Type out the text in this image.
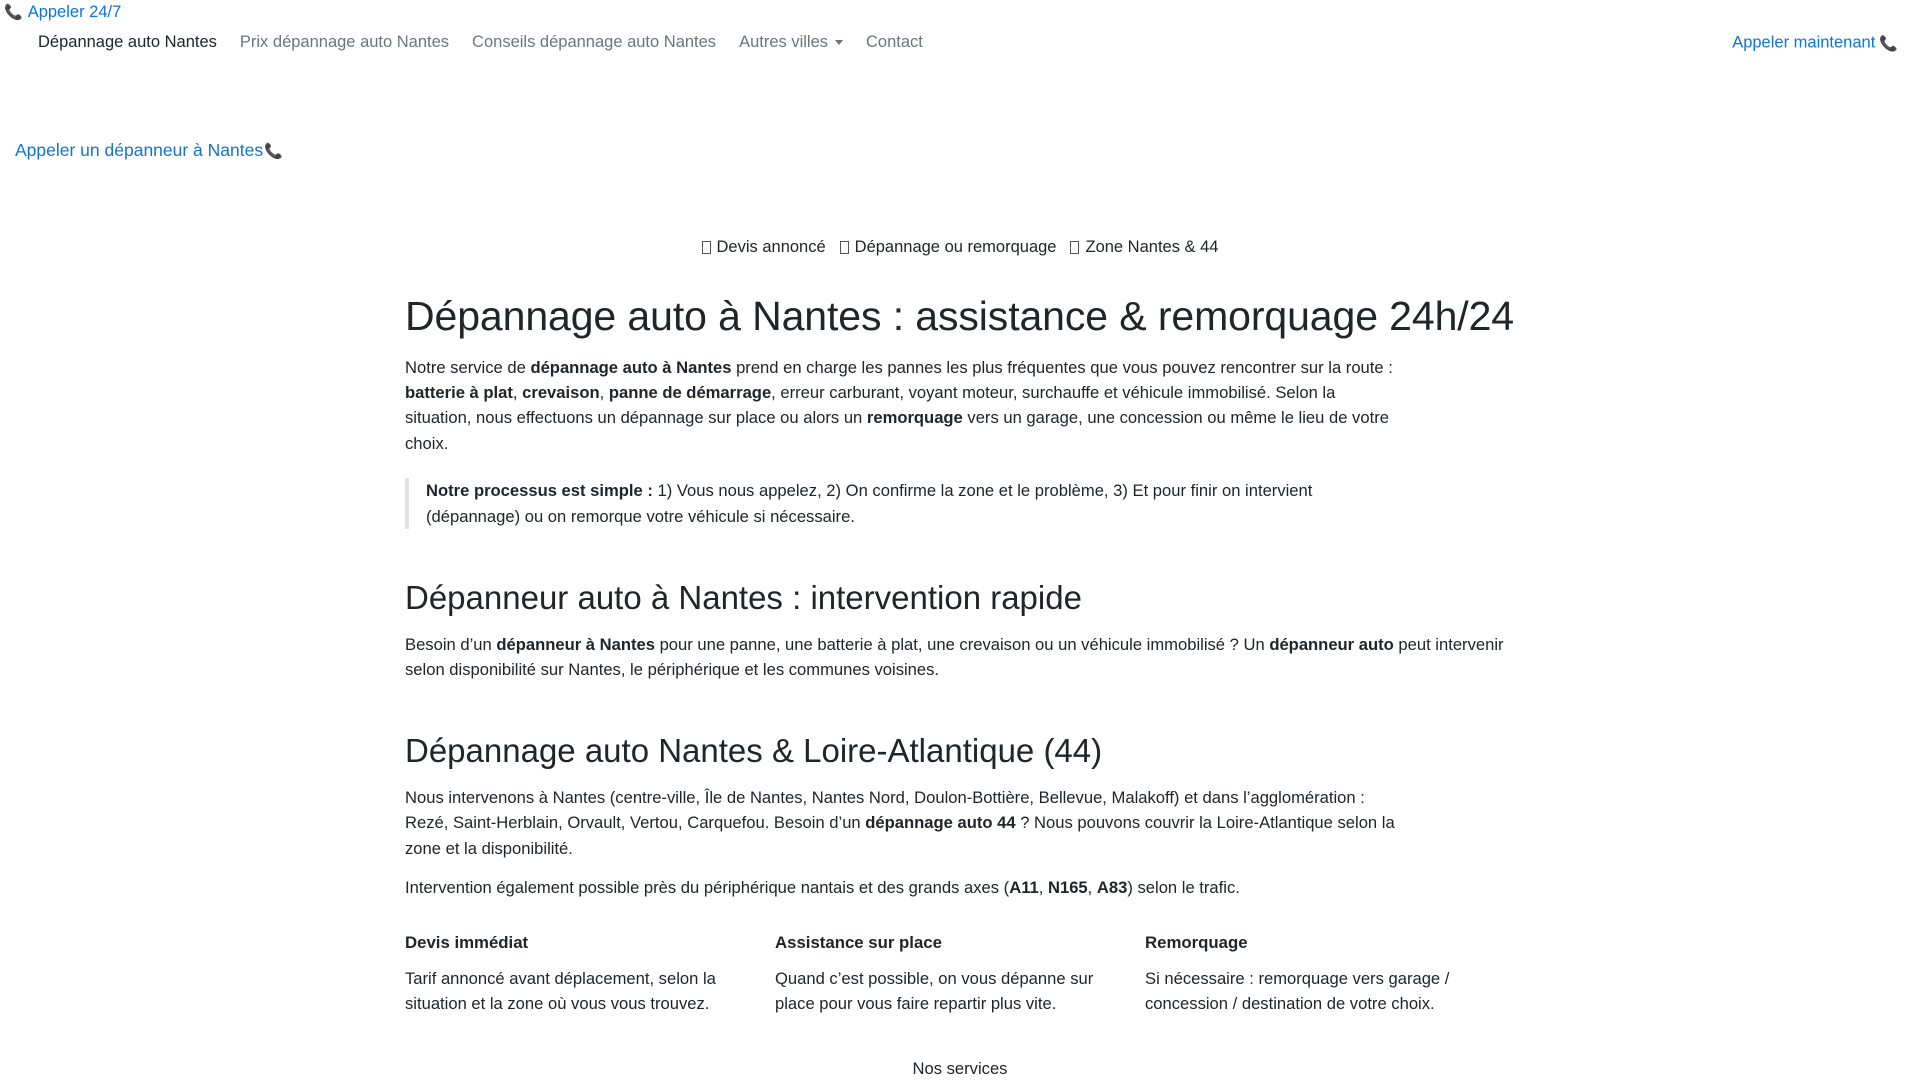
📞 Appeler 24/7 Dépannage Auto
Dépannage auto Nantes Prix dépannage auto Nantes Conseils dépannage auto Nantes Autres villes Contact	Appeler maintenant 📞
Appeler un dépanneur à Nantes 📞
Devis annoncé Dépannage ou remorquage Zone Nantes & 44
Dépannage auto à Nantes : assistance & remorquage 24h/24

Notre service de dépannage auto à Nantes prend en charge les pannes les plus fréquentes que vous pouvez rencontrer sur la route : batterie à plat, crevaison, panne de démarrage, erreur carburant, voyant moteur, surchauffe et véhicule immobilisé. Selon la situation, nous effectuons un dépannage sur place ou alors un remorquage vers un garage, une concession ou même le lieu de votre choix.

Notre processus est simple : 1) Vous nous appelez, 2) On confirme la zone et le problème, 3) Et pour finir on intervient (dépannage) ou on remorque votre véhicule si nécessaire.

Dépanneur auto à Nantes : intervention rapide

Besoin d’un dépanneur à Nantes pour une panne, une batterie à plat, une crevaison ou un véhicule immobilisé ? Un dépanneur auto peut intervenir selon disponibilité sur Nantes, le périphérique et les communes voisines.

Dépannage auto Nantes & Loire-Atlantique (44)

Nous intervenons à Nantes (centre-ville, Île de Nantes, Nantes Nord, Doulon-Bottière, Bellevue, Malakoff) et dans l’agglomération : Rezé, Saint-Herblain, Orvault, Vertou, Carquefou. Besoin d’un dépannage auto 44 ? Nous pouvons couvrir la Loire-Atlantique selon la zone et la disponibilité.

Intervention également possible près du périphérique nantais et des grands axes (A11, N165, A83) selon le trafic.

Devis immédiat

Tarif annoncé avant déplacement, selon la situation et la zone où vous vous trouvez.

Assistance sur place

Quand c’est possible, on vous dépanne sur place pour vous faire repartir plus vite.

Remorquage

Si nécessaire : remorquage vers garage / concession / destination de votre choix.

Nos services
